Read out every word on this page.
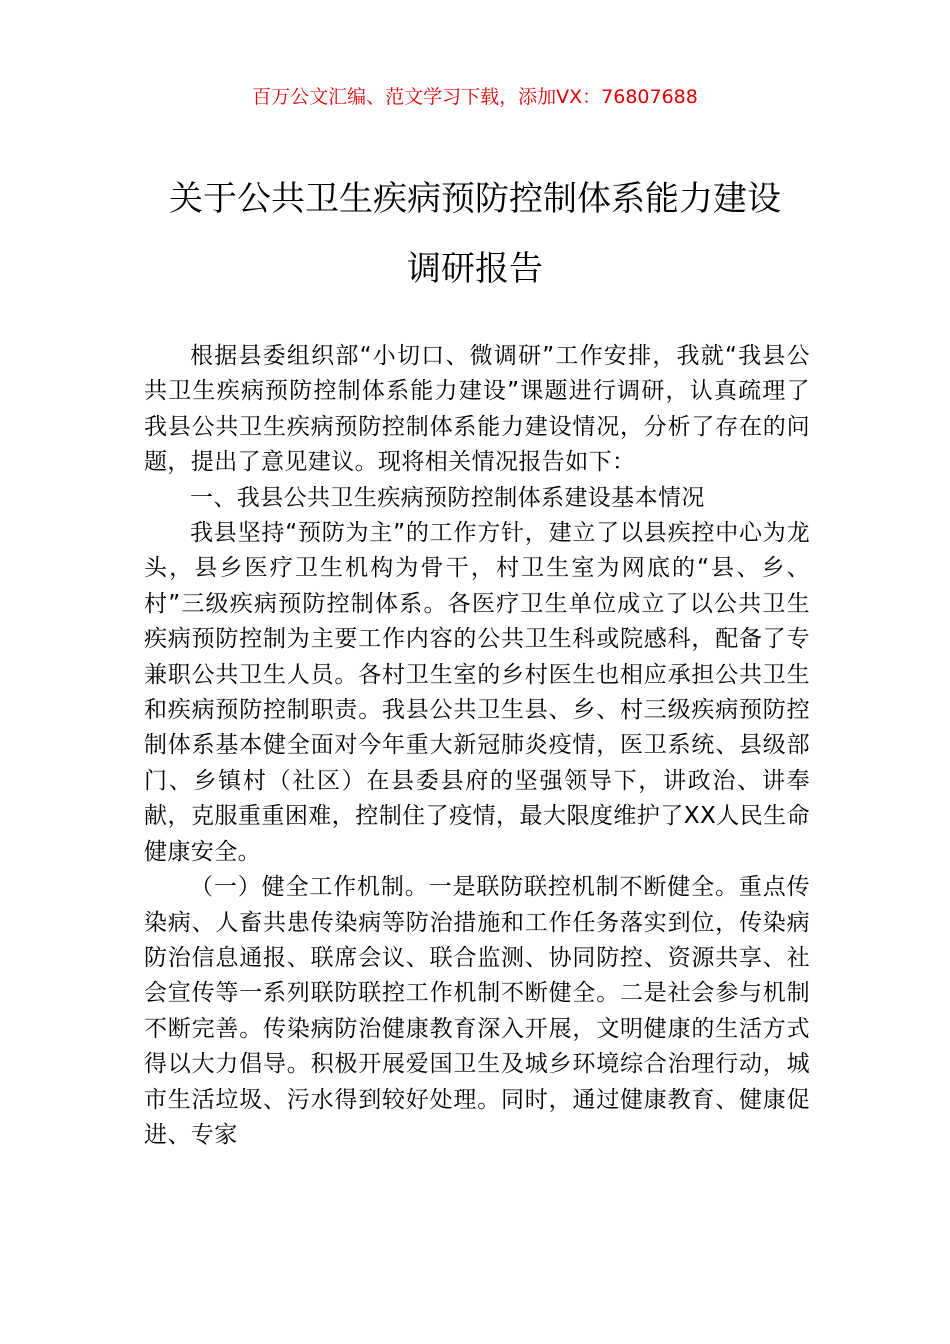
百万公文汇编、范文学习下载，添加VX：76807688
关于公共卫生疾病预防控制体系能力建设
调研报告

根据县委组织部“小切口、微调研”工作安排，我就“我县公共卫生疾病预防控制体系能力建设”课题进行调研，认真疏理了我县公共卫生疾病预防控制体系能力建设情况，分析了存在的问题，提出了意见建议。现将相关情况报告如下：

一、我县公共卫生疾病预防控制体系建设基本情况

我县坚持“预防为主”的工作方针，建立了以县疾控中心为龙头，县乡医疗卫生机构为骨干，村卫生室为网底的“县、乡、村”三级疾病预防控制体系。各医疗卫生单位成立了以公共卫生疾病预防控制为主要工作内容的公共卫生科或院感科，配备了专兼职公共卫生人员。各村卫生室的乡村医生也相应承担公共卫生和疾病预防控制职责。我县公共卫生县、乡、村三级疾病预防控制体系基本健全面对今年重大新冠肺炎疫情，医卫系统、县级部门、乡镇村（社区）在县委县府的坚强领导下，讲政治、讲奉献，克服重重困难，控制住了疫情，最大限度维护了XX人民生命健康安全。

（一）健全工作机制。一是联防联控机制不断健全。重点传染病、人畜共患传染病等防治措施和工作任务落实到位，传染病防治信息通报、联席会议、联合监测、协同防控、资源共享、社会宣传等一系列联防联控工作机制不断健全。二是社会参与机制不断完善。传染病防治健康教育深入开展，文明健康的生活方式得以大力倡导。积极开展爱国卫生及城乡环境综合治理行动，城市生活垃圾、污水得到较好处理。同时，通过健康教育、健康促进、专家
